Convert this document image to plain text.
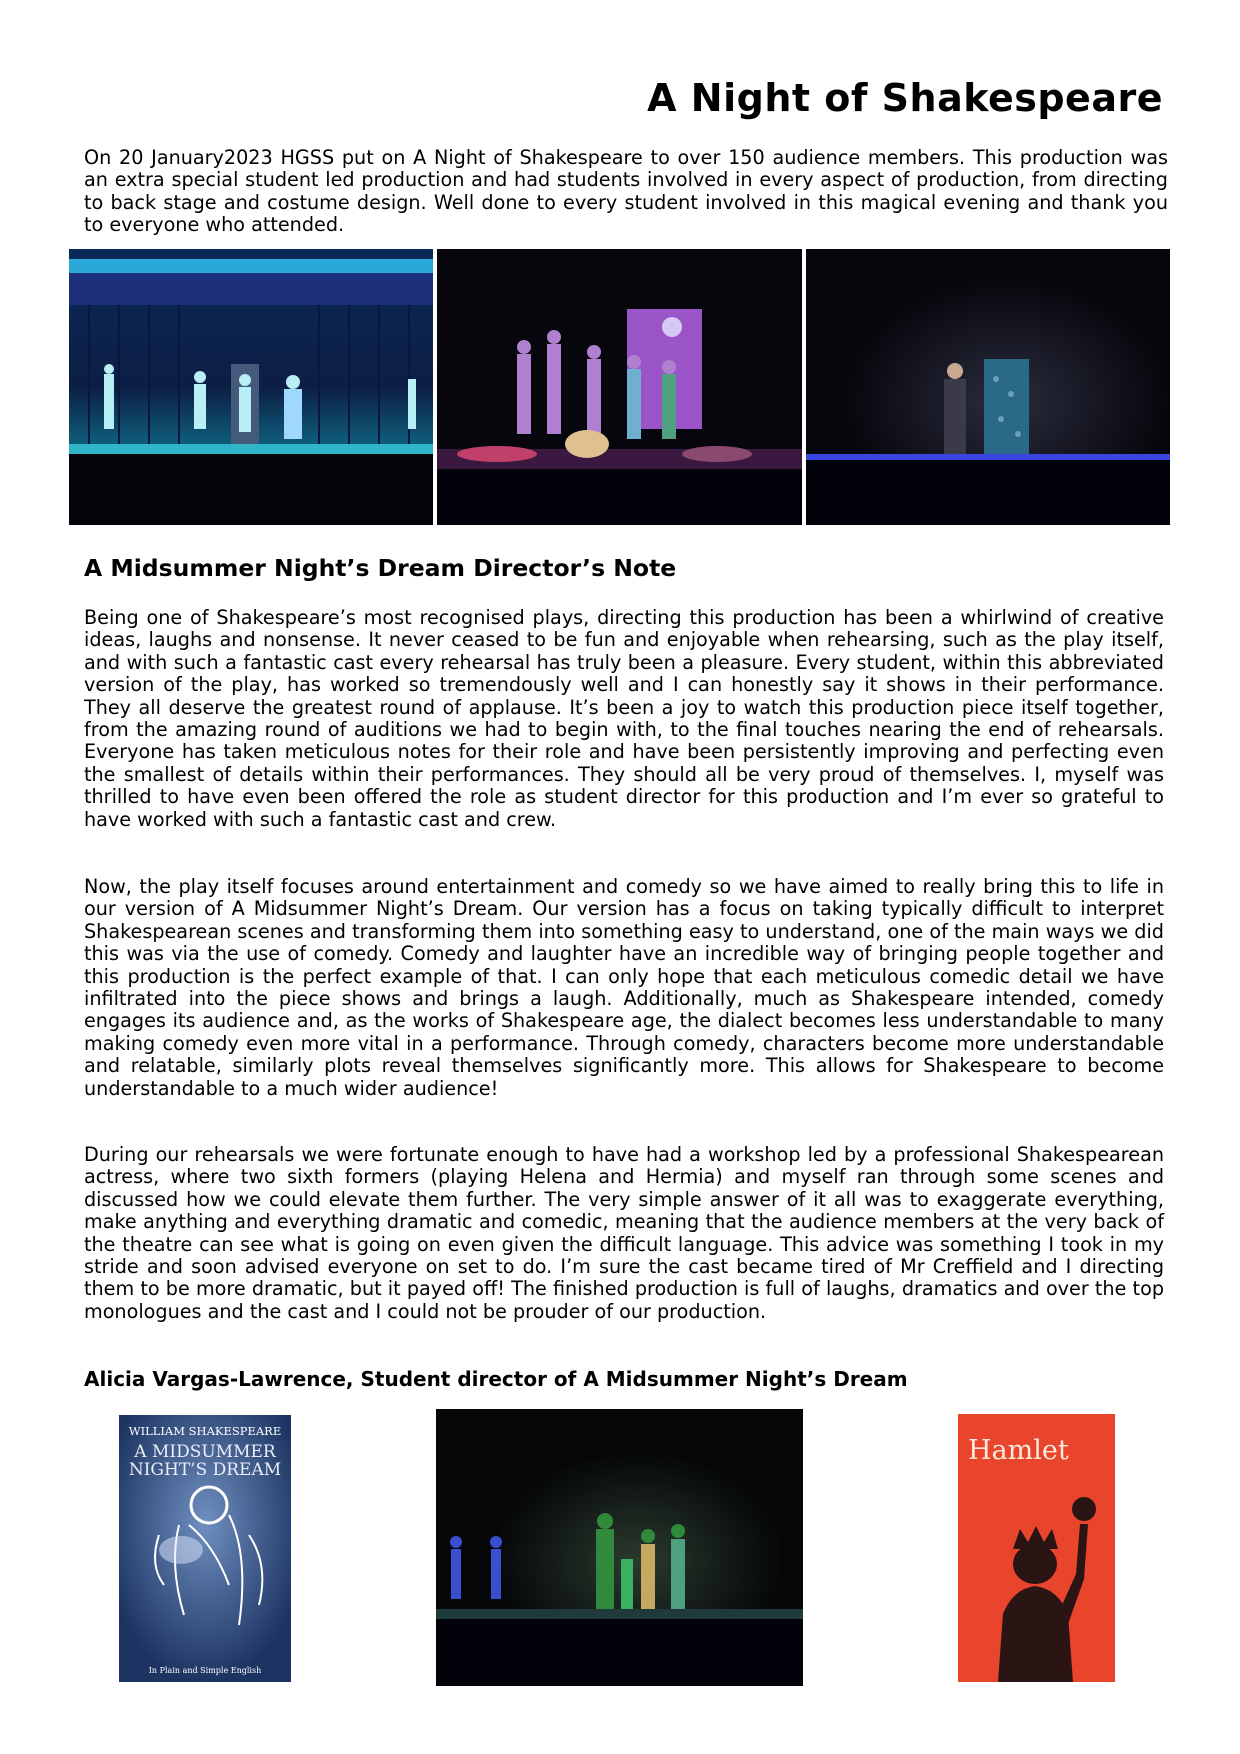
A Night of Shakespeare

On 20 January2023 HGSS put on A Night of Shakespeare to over 150 audience members. This production was an extra special student led production and had students involved in every aspect of production, from directing to back stage and costume design. Well done to every student involved in this magical evening and thank you to everyone who attended.

A Midsummer Night’s Dream Director’s Note

Being one of Shakespeare’s most recognised plays, directing this production has been a whirlwind of creative ideas, laughs and nonsense. It never ceased to be fun and enjoyable when rehearsing, such as the play itself, and with such a fantastic cast every rehearsal has truly been a pleasure. Every student, within this abbreviated version of the play, has worked so tremendously well and I can honestly say it shows in their performance. They all deserve the greatest round of applause. It’s been a joy to watch this production piece itself together, from the amazing round of auditions we had to begin with, to the final touches nearing the end of rehearsals. Everyone has taken meticulous notes for their role and have been persistently improving and perfecting even the smallest of details within their performances. They should all be very proud of themselves. I, myself was thrilled to have even been offered the role as student director for this production and I’m ever so grateful to have worked with such a fantastic cast and crew.

Now, the play itself focuses around entertainment and comedy so we have aimed to really bring this to life in our version of A Midsummer Night’s Dream. Our version has a focus on taking typically difficult to interpret Shakespearean scenes and transforming them into something easy to understand, one of the main ways we did this was via the use of comedy. Comedy and laughter have an incredible way of bringing people together and this production is the perfect example of that. I can only hope that each meticulous comedic detail we have infiltrated into the piece shows and brings a laugh. Additionally, much as Shakespeare intended, comedy engages its audience and, as the works of Shakespeare age, the dialect becomes less understandable to many making comedy even more vital in a performance. Through comedy, characters become more understandable and relatable, similarly plots reveal themselves significantly more. This allows for Shakespeare to become understandable to a much wider audience!

During our rehearsals we were fortunate enough to have had a workshop led by a professional Shakespearean actress, where two sixth formers (playing Helena and Hermia) and myself ran through some scenes and discussed how we could elevate them further. The very simple answer of it all was to exaggerate everything, make anything and everything dramatic and comedic, meaning that the audience members at the very back of the theatre can see what is going on even given the difficult language. This advice was something I took in my stride and soon advised everyone on set to do. I’m sure the cast became tired of Mr Creffield and I directing them to be more dramatic, but it payed off! The finished production is full of laughs, dramatics and over the top monologues and the cast and I could not be prouder of our production.

Alicia Vargas-Lawrence, Student director of A Midsummer Night’s Dream

WILLIAM SHAKESPEARE
A MIDSUMMER
NIGHT’S DREAM
In Plain and Simple English
Hamlet
